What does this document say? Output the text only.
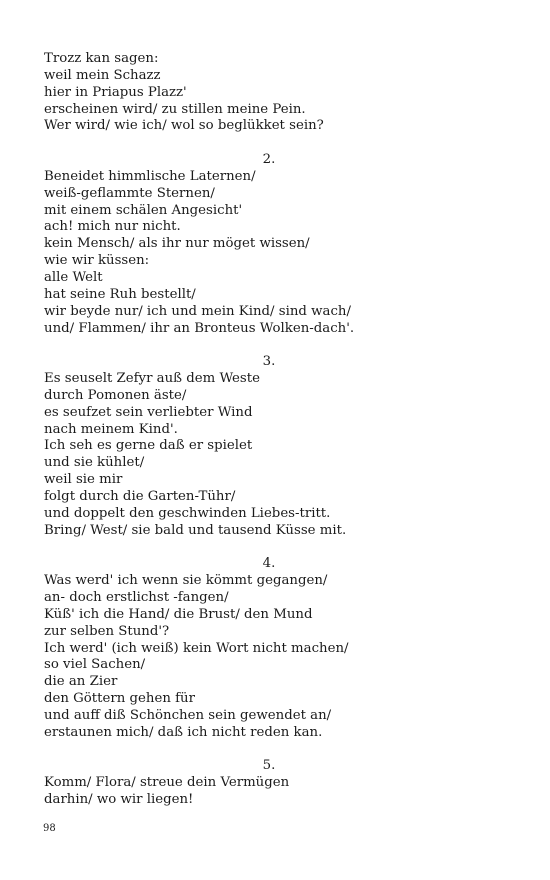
Trozz kan sagen:
weil mein Schazz
hier in Priapus Plazz'
erscheinen wird/ zu stillen meine Pein.
Wer wird/ wie ich/ wol so beglükket sein?
2.
Beneidet himmlische Laternen/
weiß-geflammte Sternen/
mit einem schälen Angesicht'
ach! mich nur nicht.
kein Mensch/ als ihr nur möget wissen/
wie wir küssen:
alle Welt
hat seine Ruh bestellt/
wir beyde nur/ ich und mein Kind/ sind wach/
und/ Flammen/ ihr an Bronteus Wolken-dach'.
3.
Es seuselt Zefyr auß dem Weste
durch Pomonen äste/
es seufzet sein verliebter Wind
nach meinem Kind'.
Ich seh es gerne daß er spielet
und sie kühlet/
weil sie mir
folgt durch die Garten-Tühr/
und doppelt den geschwinden Liebes-tritt.
Bring/ West/ sie bald und tausend Küsse mit.
4.
Was werd' ich wenn sie kömmt gegangen/
an- doch erstlichst -fangen/
Küß' ich die Hand/ die Brust/ den Mund
zur selben Stund'?
Ich werd' (ich weiß) kein Wort nicht machen/
so viel Sachen/
die an Zier
den Göttern gehen für
und auff diß Schönchen sein gewendet an/
erstaunen mich/ daß ich nicht reden kan.
5.
Komm/ Flora/ streue dein Vermügen
darhin/ wo wir liegen!
98
